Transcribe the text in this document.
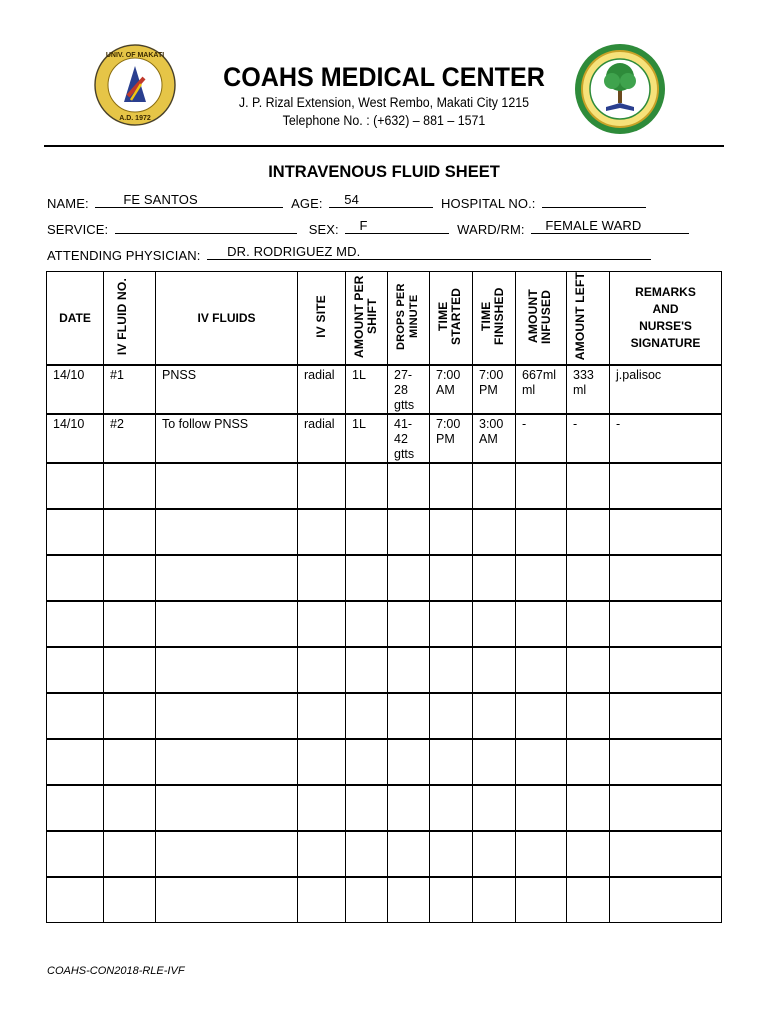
UNIV. OF MAKATI
A.D. 1972
COAHS MEDICAL CENTER
J. P. Rizal Extension, West Rembo, Makati City 1215
Telephone No. : (+632) – 881 – 1571
INTRAVENOUS FLUID SHEET
NAME:	FE SANTOS	AGE: 54	HOSPITAL NO.:
SERVICE:	SEX: F	WARD/RM: FEMALE WARD
ATTENDING PHYSICIAN: DR. RODRIGUEZ MD.
DATE	IV FLUID NO.	IV FLUIDS	IV SITE	AMOUNT PER SHIFT	DROPS PER MINUTE	TIME STARTED	TIME FINISHED	AMOUNT INFUSED	AMOUNT LEFT	REMARKS AND NURSE'S SIGNATURE

14/10	#1	PNSS	radial	1L	27-28 gtts	7:00 AM	7:00 PM	667ml ml	333 ml	j.palisoc

14/10	#2	To follow PNSS	radial	1L	41-42 gtts	7:00 PM	3:00 AM	-	-	-

COAHS-CON2018-RLE-IVF
